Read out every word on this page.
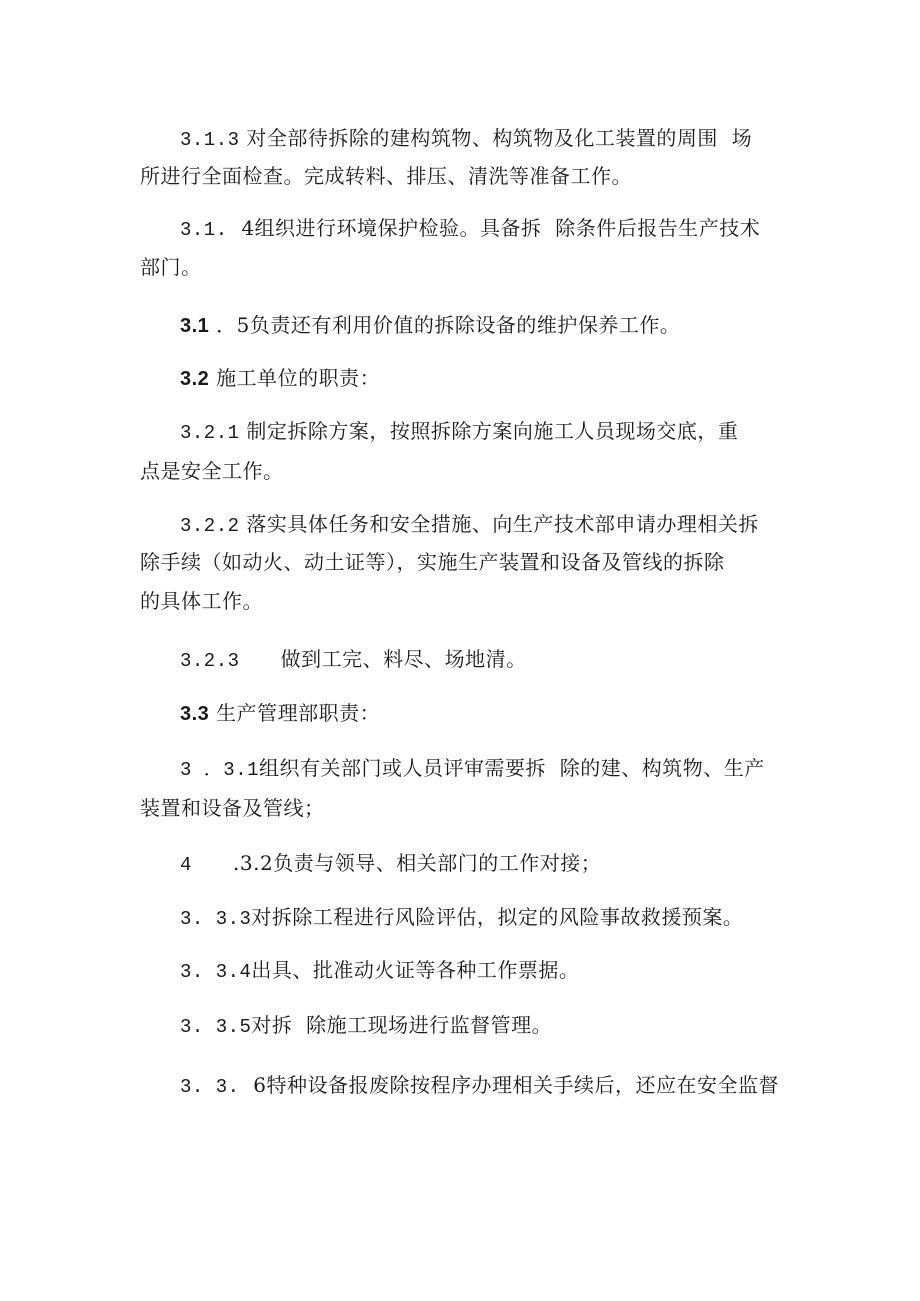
3.1.3 对全部待拆除的建构筑物、构筑物及化工装置的周围  场
所进行全面检查。完成转料、排压、清洗等准备工作。
3.1.  4组织进行环境保护检验。具备拆  除条件后报告生产技术
部门。
3.1 ．5负责还有利用价值的拆除设备的维护保养工作。
3.2 施工单位的职责：
3.2.1 制定拆除方案，按照拆除方案向施工人员现场交底，重
点是安全工作。
3.2.2 落实具体任务和安全措施、向生产技术部申请办理相关拆
除手续（如动火、动土证等），实施生产装置和设备及管线的拆除
的具体工作。
3.2.3      做到工完、料尽、场地清。
3.3 生产管理部职责：
3 ．3.1组织有关部门或人员评审需要拆  除的建、构筑物、生产
装置和设备及管线；
4      .3.2负责与领导、相关部门的工作对接；
3. 3.3对拆除工程进行风险评估，拟定的风险事故救援预案。
3. 3.4出具、批准动火证等各种工作票据。
3. 3.5对拆  除施工现场进行监督管理。
3. 3.  6特种设备报废除按程序办理相关手续后，还应在安全监督
